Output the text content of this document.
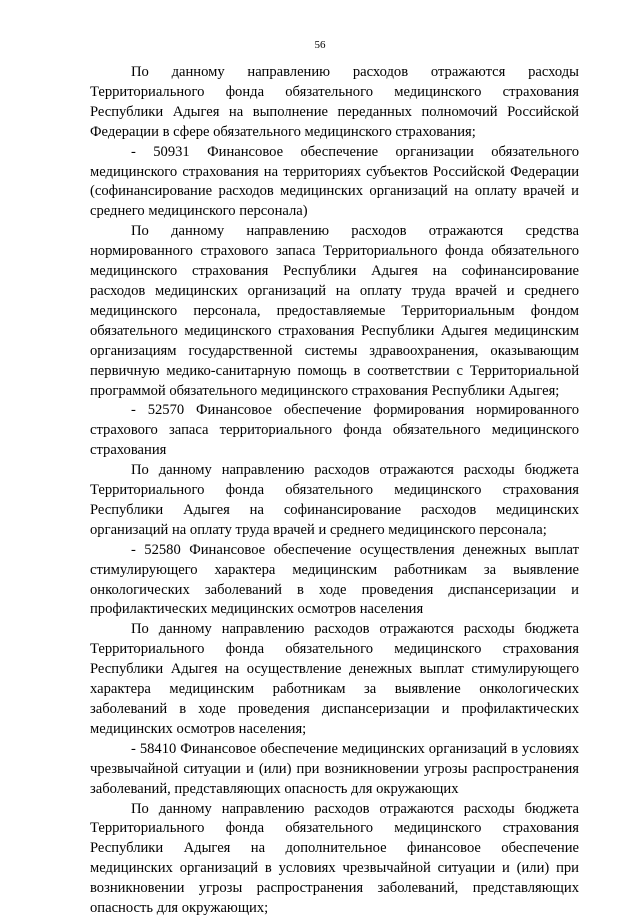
56

По данному направлению расходов отражаются расходы Территориального фонда обязательного медицинского страхования Республики Адыгея на выполнение переданных полномочий Российской Федерации в сфере обязательного медицинского страхования;

- 50931 Финансовое обеспечение организации обязательного медицинского страхования на территориях субъектов Российской Федерации (софинансирование расходов медицинских организаций на оплату врачей и среднего медицинского персонала)

По данному направлению расходов отражаются средства нормированного страхового запаса Территориального фонда обязательного медицинского страхования Республики Адыгея на софинансирование расходов медицинских организаций на оплату труда врачей и среднего медицинского персонала, предоставляемые Территориальным фондом обязательного медицинского страхования Республики Адыгея медицинским организациям государственной системы здравоохранения, оказывающим первичную медико-санитарную помощь в соответствии с Территориальной программой обязательного медицинского страхования Республики Адыгея;

- 52570 Финансовое обеспечение формирования нормированного страхового запаса территориального фонда обязательного медицинского страхования

По данному направлению расходов отражаются расходы бюджета Территориального фонда обязательного медицинского страхования Республики Адыгея на софинансирование расходов медицинских организаций на оплату труда врачей и среднего медицинского персонала;

- 52580 Финансовое обеспечение осуществления денежных выплат стимулирующего характера медицинским работникам за выявление онкологических заболеваний в ходе проведения диспансеризации и профилактических медицинских осмотров населения

По данному направлению расходов отражаются расходы бюджета Территориального фонда обязательного медицинского страхования Республики Адыгея на осуществление денежных выплат стимулирующего характера медицинским работникам за выявление онкологических заболеваний в ходе проведения диспансеризации и профилактических медицинских осмотров населения;

- 58410 Финансовое обеспечение медицинских организаций в условиях чрезвычайной ситуации и (или) при возникновении угрозы распространения заболеваний, представляющих опасность для окружающих

По данному направлению расходов отражаются расходы бюджета Территориального фонда обязательного медицинского страхования Республики Адыгея на дополнительное финансовое обеспечение медицинских организаций в условиях чрезвычайной ситуации и (или) при возникновении угрозы распространения заболеваний, представляющих опасность для окружающих;
